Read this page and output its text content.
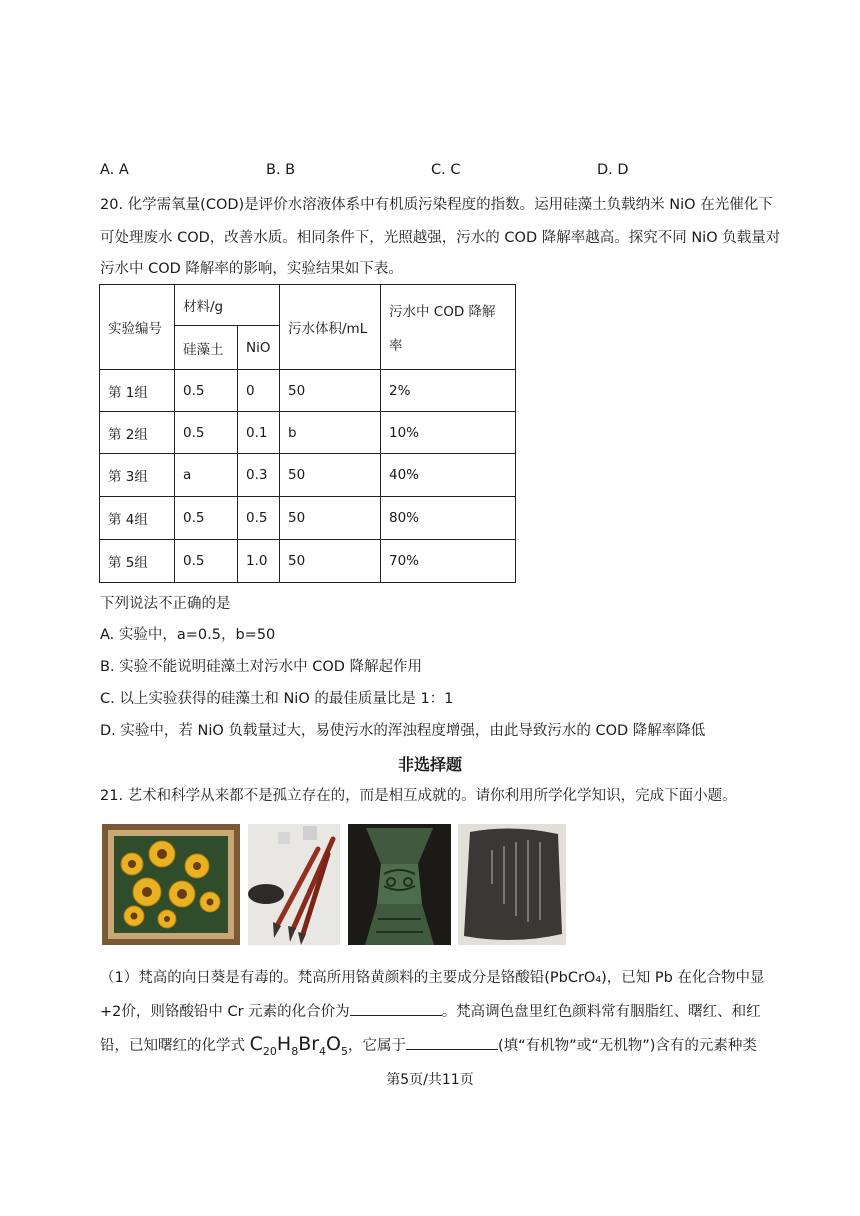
A. A	B. B	C. C	D. D
20. 化学需氧量(COD)是评价水溶液体系中有机质污染程度的指数。运用硅藻土负载纳米 NiO 在光催化下
可处理废水 COD，改善水质。相同条件下，光照越强，污水的 COD 降解率越高。探究不同 NiO 负载量对
污水中 COD 降解率的影响，实验结果如下表。
实验编号	材料/g		污水体积/mL	污水中 COD 降解
率

	硅藻土	NiO		
第 1组	0.5	0	50	2%
第 2组	0.5	0.1	b	10%
第 3组	a	0.3	50	40%
第 4组	0.5	0.5	50	80%
第 5组	0.5	1.0	50	70%
下列说法不正确的是
A. 实验中，a=0.5，b=50
B. 实验不能说明硅藻土对污水中 COD 降解起作用
C. 以上实验获得的硅藻土和 NiO 的最佳质量比是 1：1
D. 实验中，若 NiO 负载量过大，易使污水的浑浊程度增强，由此导致污水的 COD 降解率降低
非选择题
21. 艺术和科学从来都不是孤立存在的，而是相互成就的。请你利用所学化学知识，完成下面小题。
（1）梵高的向日葵是有毒的。梵高所用铬黄颜料的主要成分是铬酸铅(PbCrO₄)，已知 Pb 在化合物中显
+2价，则铬酸铅中 Cr 元素的化合价为	。梵高调色盘里红色颜料常有胭脂红、曙红、和红
铅，已知曙红的化学式 $C_{20}H_8Br_4O_5$，它属于	(填“有机物”或“无机物”)含有的元素种类
第5页/共11页
